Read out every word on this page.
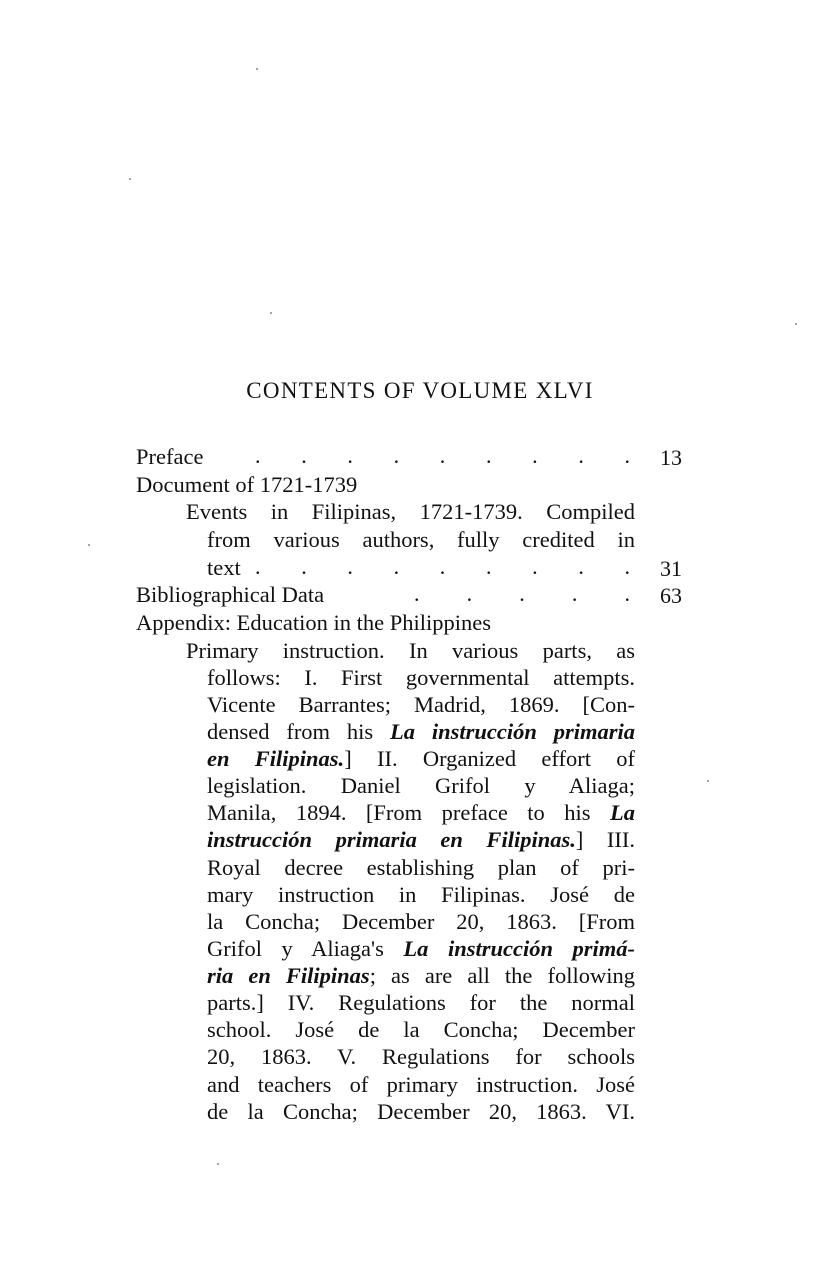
CONTENTS OF VOLUME XLVI
Preface . . . . . . . . . 13
Document of 1721-1739
Events in Filipinas, 1721-1739. Compiled
from various authors, fully credited in
text . . . . . . . . . 31
Bibliographical Data	. . . . . 63
Appendix: Education in the Philippines
Primary instruction. In various parts, as
follows: I. First governmental attempts.
Vicente Barrantes; Madrid, 1869. [Con-
densed from his La instrucción primaria
en Filipinas.] II. Organized effort of
legislation. Daniel Grifol y Aliaga;
Manila, 1894. [From preface to his La
instrucción primaria en Filipinas.] III.
Royal decree establishing plan of pri-
mary instruction in Filipinas. José de
la Concha; December 20, 1863. [From
Grifol y Aliaga's La instrucción primá-
ria en Filipinas; as are all the following
parts.] IV. Regulations for the normal
school. José de la Concha; December
20, 1863. V. Regulations for schools
and teachers of primary instruction. José
de la Concha; December 20, 1863. VI.
